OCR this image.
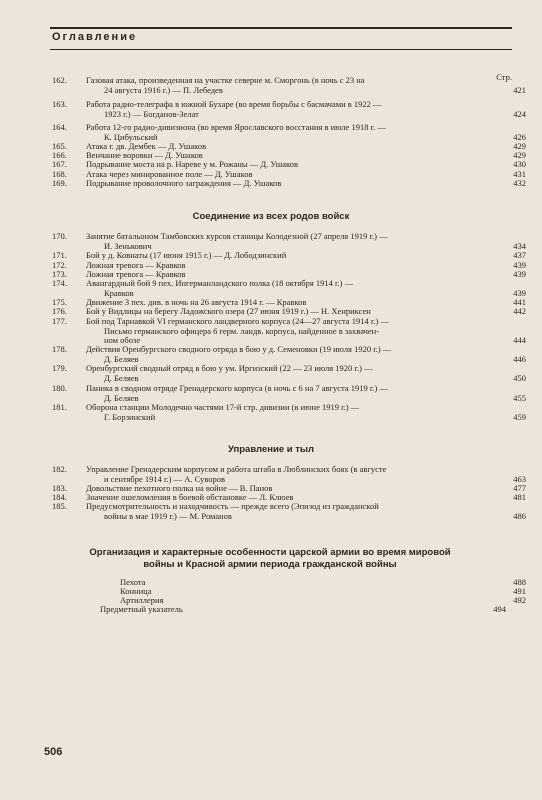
Оглавление
Стр.
162.	Газовая атака, произведенная на участке северне м. Сморгонь (в ночь с 23 на
24 августа 1916 г.) — П. Лебедев	421
163.	Работа радио-телеграфа в южной Бухаре (во время борьбы с басмачами в 1922 —
1923 г.) — Богданов-Зелат	424
164.	Работа 12-го радио-дивизиона (во время Ярославского восстания в июле 1918 г. —
К. Цибульский	426
165.	Атака г. дв. Дембек — Д. Ушаков	429
166.	Венчание воровки — Д. Ушаков	429
167.	Подрывание моста на р. Нареве у м. Рожаны — Д. Ушаков	430
168.	Атака через минированное поле — Д. Ушаков	431
169.	Подрывание проволочного заграждения — Д. Ушаков	432
Соединение из всех родов войск
170.	Занятие батальоном Тамбовских курсов станицы Колодезной (27 апреля 1919 г.) —
И. Зенькович	434
171.	Бой у д. Ковнаты (17 июня 1915 г.) — Д. Лободзинский	437
172.	Ложная тревога — Кравков	439
173.	Ложная тревога — Кравков	439
174.	Авангардный бой 9 пех. Ингерманландского полка (18 октября 1914 г.) —
Кравков	439
175.	Движение 3 пех. див. в ночь на 26 августа 1914 г. — Кравков	441
176.	Бой у Видлицы на берегу Ладожского озера (27 июня 1919 г.) — Н. Хенриксен	442
177.	Бой под Тарнавкой VI германского ландверного корпуса (24—27 августа 1914 г.) —
Письмо германского офицера 6 герм. ландв. корпуса, найденное в захвачен-
ном обозе	444
178.	Действия Оренбургского сводного отряда в бою у д. Семеновки (19 июля 1920 г.) —
Д. Беляев	446
179.	Оренбургский сводный отряд в бою у ум. Иргизский (22 — 23 июля 1920 г.) —
Д. Беляев	450
180.	Паника в сводном отряде Гренадерского корпуса (в ночь с 6 на 7 августа 1919 г.) —
Д. Беляев	455
181.	Оборона станции Молодечно частями 17-й стр. дивизии (в июне 1919 г.) —
Г. Борзинский	459
Управление и тыл
182.	Управление Гренадерским корпусом и работа штаба в Люблинских боях (в августе
и сентябре 1914 г.) — А. Суворов	463
183.	Довольствие пехотного полка на войне — В. Панов	477
184.	Значение ошеломления в боевой обстановке — Л. Клюев	481
185.	Предусмотрительность и находчивость — прежде всего (Эпизод из гражданской
войны в мае 1919 г.) — М. Романов	486
Организация и характерные особенности царской армии во время мировой
войны и Красной армии периода гражданской войны
Пехота	488
Конница	491
Артиллерия	492
Предметный указатель	494
506
